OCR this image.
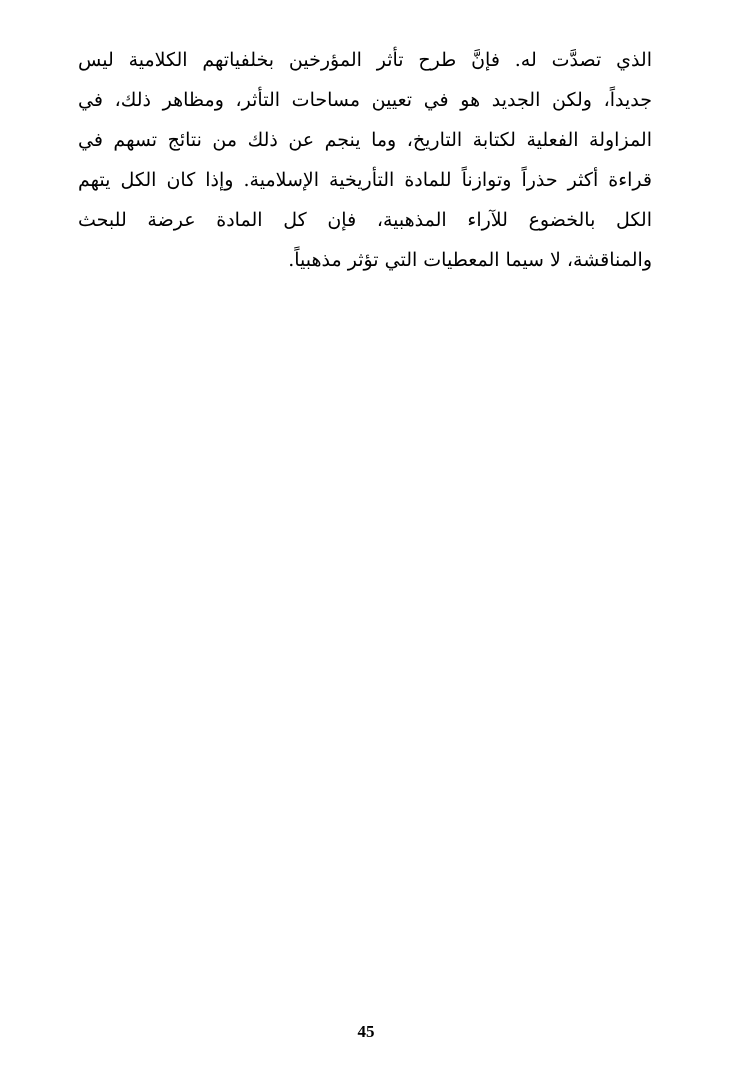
الذي تصدَّت له. فإنَّ طرح تأثر المؤرخين بخلفياتهم الكلامية ليس
جديداً، ولكن الجديد هو في تعيين مساحات التأثر، ومظاهر ذلك، في
المزاولة الفعلية لكتابة التاريخ، وما ينجم عن ذلك من نتائج تسهم في
قراءة أكثر حذراً وتوازناً للمادة التأريخية الإسلامية. وإذا كان الكل يتهم
الكل بالخضوع للآراء المذهبية، فإن كل المادة عرضة للبحث
والمناقشة، لا سيما المعطيات التي تؤثر مذهبياً.
45
